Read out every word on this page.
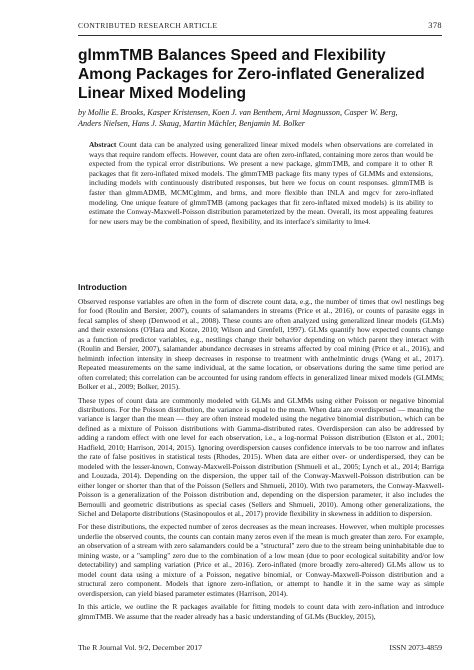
CONTRIBUTED RESEARCH ARTICLE	378
glmmTMB Balances Speed and Flexibility Among Packages for Zero-inflated Generalized Linear Mixed Modeling
by Mollie E. Brooks, Kasper Kristensen, Koen J. van Benthem, Arni Magnusson, Casper W. Berg, Anders Nielsen, Hans J. Skaug, Martin Mächler, Benjamin M. Bolker
Abstract Count data can be analyzed using generalized linear mixed models when observations are correlated in ways that require random effects. However, count data are often zero-inflated, containing more zeros than would be expected from the typical error distributions. We present a new package, glmmTMB, and compare it to other R packages that fit zero-inflated mixed models. The glmmTMB package fits many types of GLMMs and extensions, including models with continuously distributed responses, but here we focus on count responses. glmmTMB is faster than glmmADMB, MCMCglmm, and brms, and more flexible than INLA and mgcv for zero-inflated modeling. One unique feature of glmmTMB (among packages that fit zero-inflated mixed models) is its ability to estimate the Conway-Maxwell-Poisson distribution parameterized by the mean. Overall, its most appealing features for new users may be the combination of speed, flexibility, and its interface's similarity to lme4.
Introduction

Observed response variables are often in the form of discrete count data, e.g., the number of times that owl nestlings beg for food (Roulin and Bersier, 2007), counts of salamanders in streams (Price et al., 2016), or counts of parasite eggs in fecal samples of sheep (Denwood et al., 2008). These counts are often analyzed using generalized linear models (GLMs) and their extensions (O'Hara and Kotze, 2010; Wilson and Grenfell, 1997). GLMs quantify how expected counts change as a function of predictor variables, e.g., nestlings change their behavior depending on which parent they interact with (Roulin and Bersier, 2007), salamander abundance decreases in streams affected by coal mining (Price et al., 2016), and helminth infection intensity in sheep decreases in response to treatment with anthelmintic drugs (Wang et al., 2017). Repeated measurements on the same individual, at the same location, or observations during the same time period are often correlated; this correlation can be accounted for using random effects in generalized linear mixed models (GLMMs; Bolker et al., 2009; Bolker, 2015).

These types of count data are commonly modeled with GLMs and GLMMs using either Poisson or negative binomial distributions. For the Poisson distribution, the variance is equal to the mean. When data are overdispersed — meaning the variance is larger than the mean — they are often instead modeled using the negative binomial distribution, which can be defined as a mixture of Poisson distributions with Gamma-distributed rates. Overdispersion can also be addressed by adding a random effect with one level for each observation, i.e., a log-normal Poisson distribution (Elston et al., 2001; Hadfield, 2010; Harrison, 2014, 2015). Ignoring overdispersion causes confidence intervals to be too narrow and inflates the rate of false positives in statistical tests (Rhodes, 2015). When data are either over- or underdispersed, they can be modeled with the lesser-known, Conway-Maxwell-Poisson distribution (Shmueli et al., 2005; Lynch et al., 2014; Barriga and Louzada, 2014). Depending on the dispersion, the upper tail of the Conway-Maxwell-Poisson distribution can be either longer or shorter than that of the Poisson (Sellers and Shmueli, 2010). With two parameters, the Conway-Maxwell-Poisson is a generalization of the Poisson distribution and, depending on the dispersion parameter, it also includes the Bernoulli and geometric distributions as special cases (Sellers and Shmueli, 2010). Among other generalizations, the Sichel and Delaporte distributions (Stasinopoulos et al., 2017) provide flexibility in skewness in addition to dispersion.

For these distributions, the expected number of zeros decreases as the mean increases. However, when multiple processes underlie the observed counts, the counts can contain many zeros even if the mean is much greater than zero. For example, an observation of a stream with zero salamanders could be a "structural" zero due to the stream being uninhabitable due to mining waste, or a "sampling" zero due to the combination of a low mean (due to poor ecological suitability and/or low detectability) and sampling variation (Price et al., 2016). Zero-inflated (more broadly zero-altered) GLMs allow us to model count data using a mixture of a Poisson, negative binomial, or Conway-Maxwell-Poisson distribution and a structural zero component. Models that ignore zero-inflation, or attempt to handle it in the same way as simple overdispersion, can yield biased parameter estimates (Harrison, 2014).

In this article, we outline the R packages available for fitting models to count data with zero-inflation and introduce glmmTMB. We assume that the reader already has a basic understanding of GLMs (Buckley, 2015),

The R Journal Vol. 9/2, December 2017	ISSN 2073-4859
